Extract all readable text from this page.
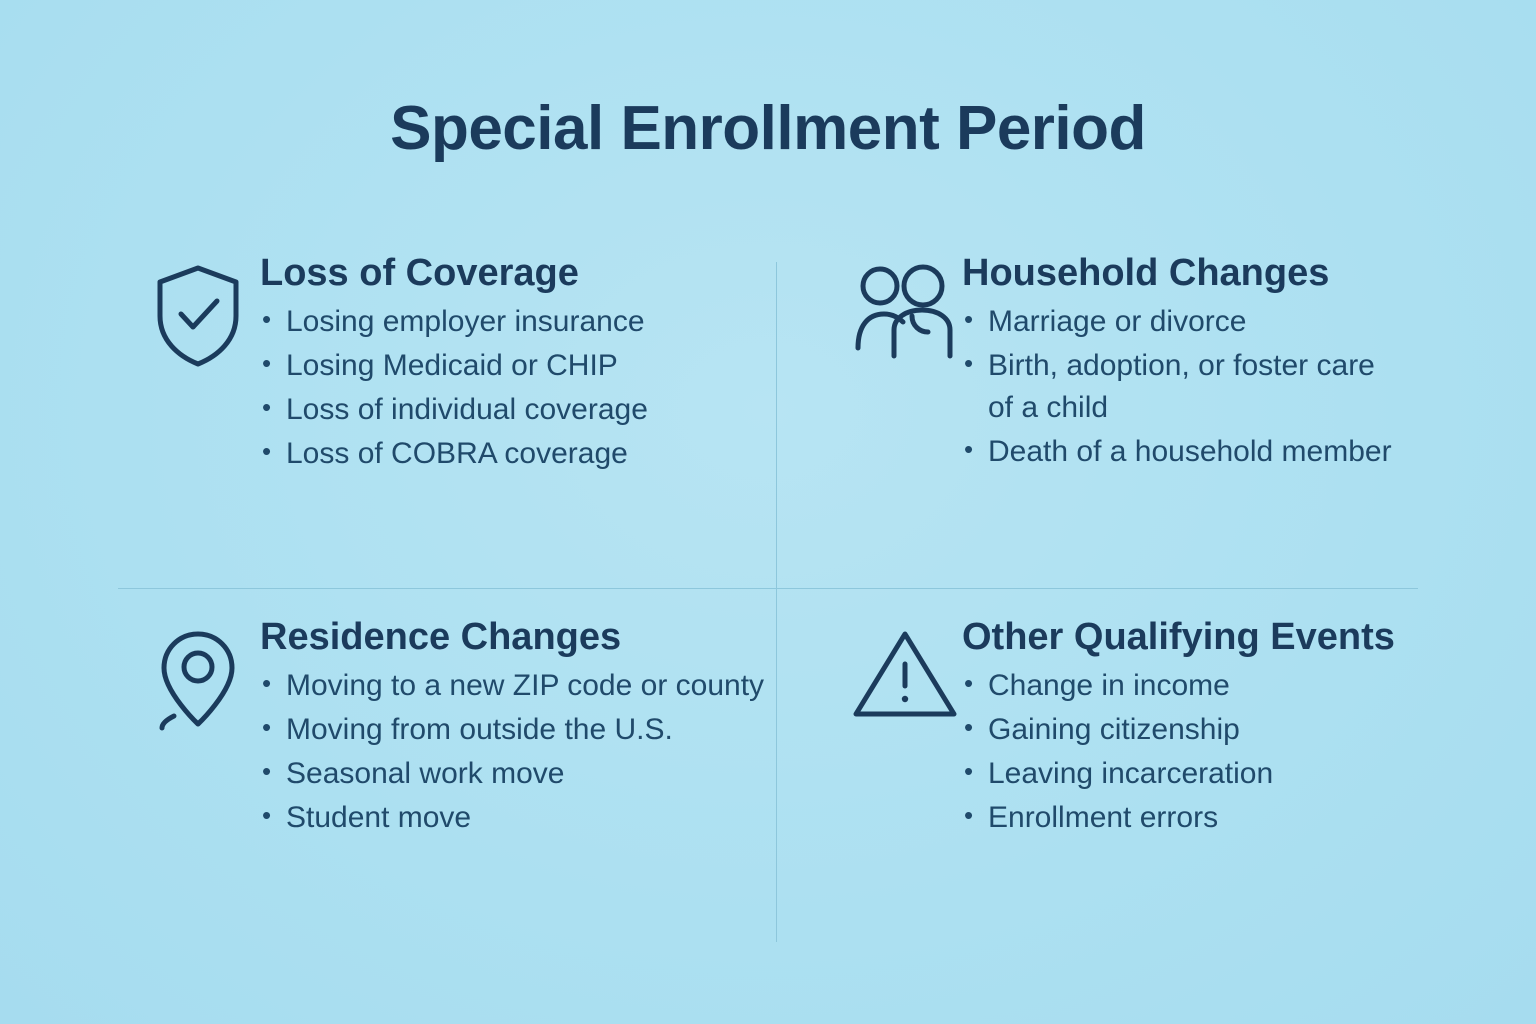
Special Enrollment Period
Loss of Coverage
• Losing employer insurance
• Losing Medicaid or CHIP
• Loss of individual coverage
• Loss of COBRA coverage
Household Changes
• Marriage or divorce
• Birth, adoption, or foster care of a child
• Death of a household member
Residence Changes
• Moving to a new ZIP code or county
• Moving from outside the U.S.
• Seasonal work move
• Student move
Other Qualifying Events
• Change in income
• Gaining citizenship
• Leaving incarceration
• Enrollment errors
